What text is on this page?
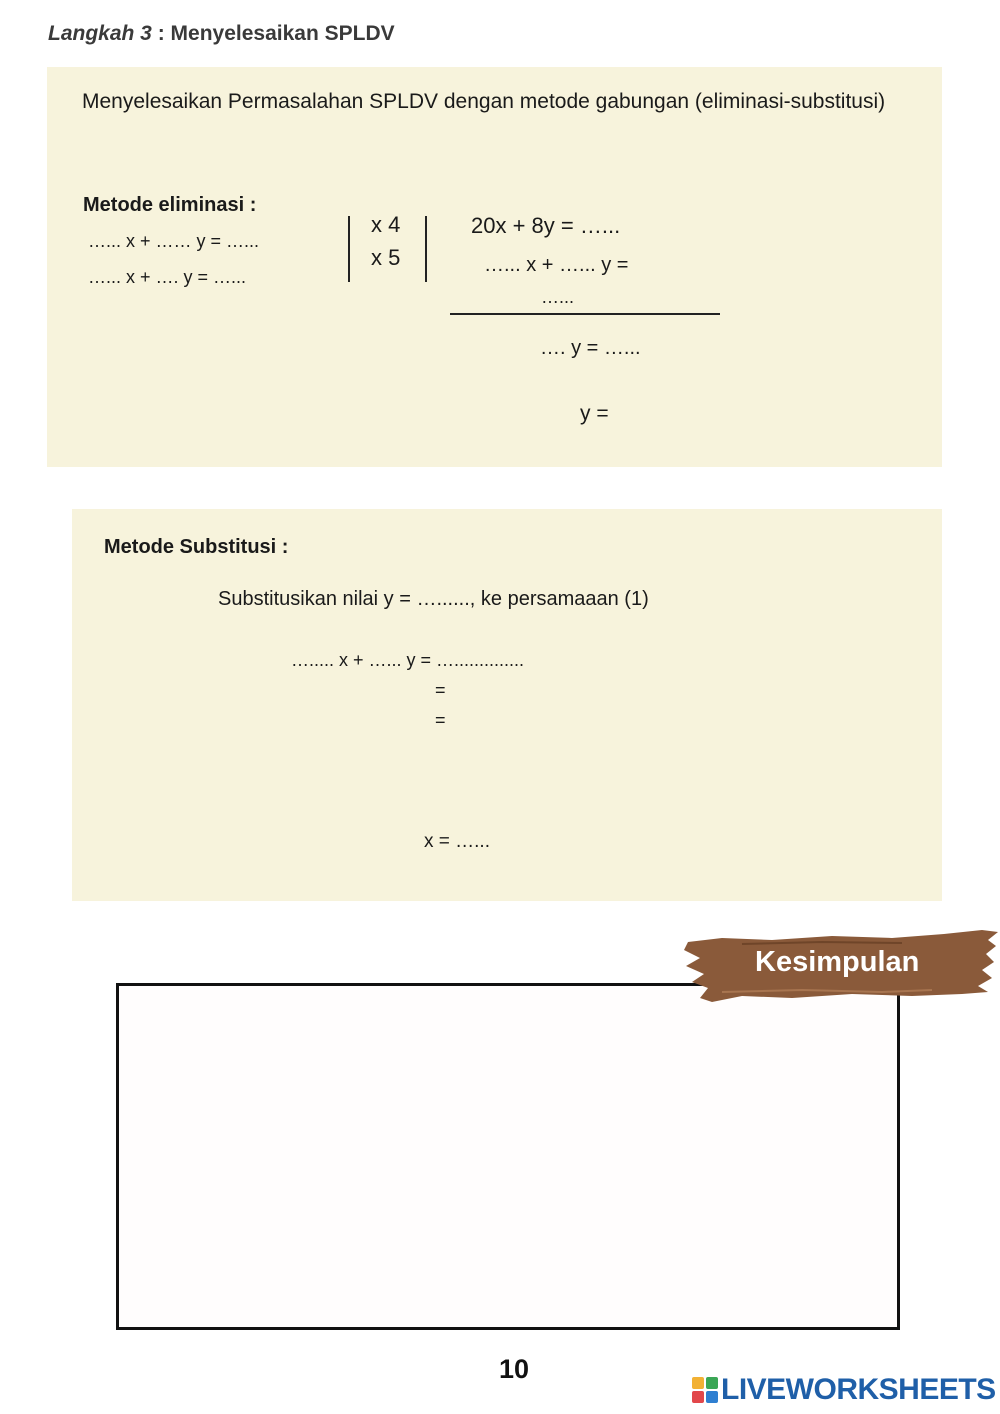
Langkah 3 : Menyelesaikan SPLDV
Menyelesaikan Permasalahan SPLDV dengan metode gabungan (eliminasi-substitusi)
Metode eliminasi :
…... x + …… y = …...
…... x + …. y = …...
x 4
x 5
20x + 8y = …...
…... x + …... y =
…...
…. y = …...
y =
Metode Substitusi :
Substitusikan nilai y = …......, ke persamaaan (1)
…..... x + …... y = …..............
=
=
x = …...
Kesimpulan
10
LIVEWORKSHEETS
